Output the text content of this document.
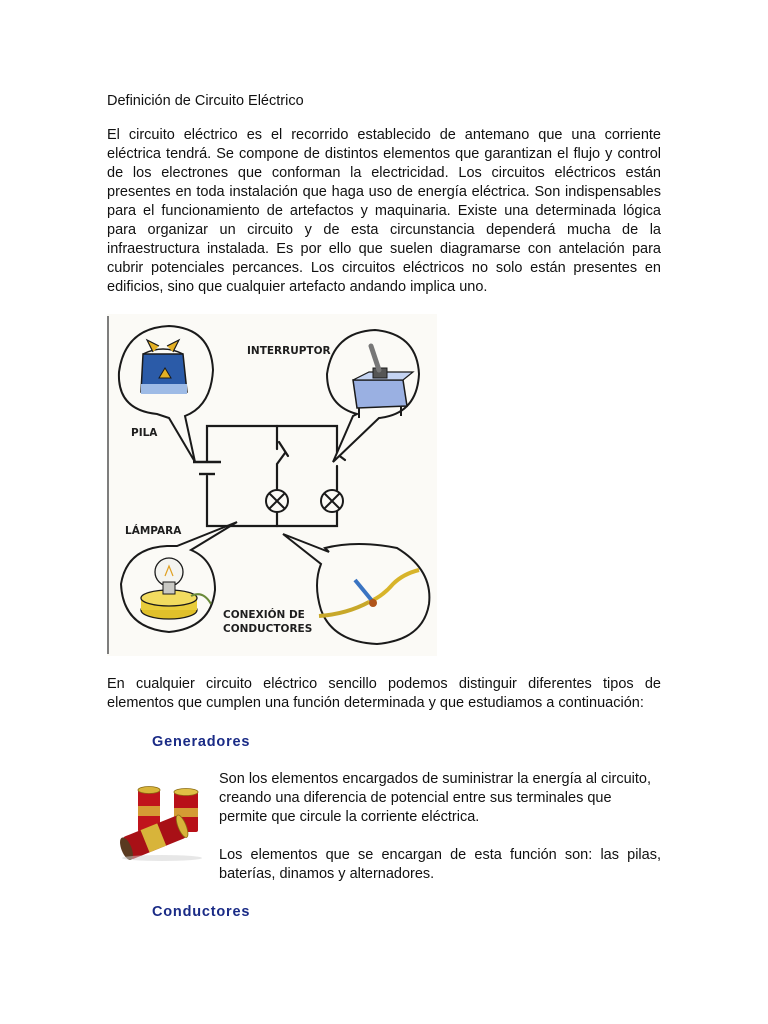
Definición de Circuito Eléctrico
El circuito eléctrico es el recorrido establecido de antemano que una corriente eléctrica tendrá. Se compone de distintos elementos que garantizan el flujo y control de los electrones que conforman la electricidad. Los circuitos eléctricos están presentes en toda instalación que haga uso de energía eléctrica. Son indispensables para el funcionamiento de artefactos y maquinaria. Existe una determinada lógica para organizar un circuito y de esta circunstancia dependerá mucha de la infraestructura instalada. Es por ello que suelen diagramarse con antelación para cubrir potenciales percances. Los circuitos eléctricos no solo están presentes en edificios, sino que cualquier artefacto andando implica uno.
INTERRUPTOR
PILA
LÁMPARA
CONEXIÓN DE
CONDUCTORES
En cualquier circuito eléctrico sencillo podemos distinguir diferentes tipos de elementos que cumplen una función determinada y que estudiamos a continuación:
Generadores
Son los elementos encargados de suministrar la energía al circuito, creando una diferencia de potencial entre sus terminales que permite que circule la corriente eléctrica.
Los elementos que se encargan de esta función son: las pilas, baterías, dinamos y alternadores.
Conductores
